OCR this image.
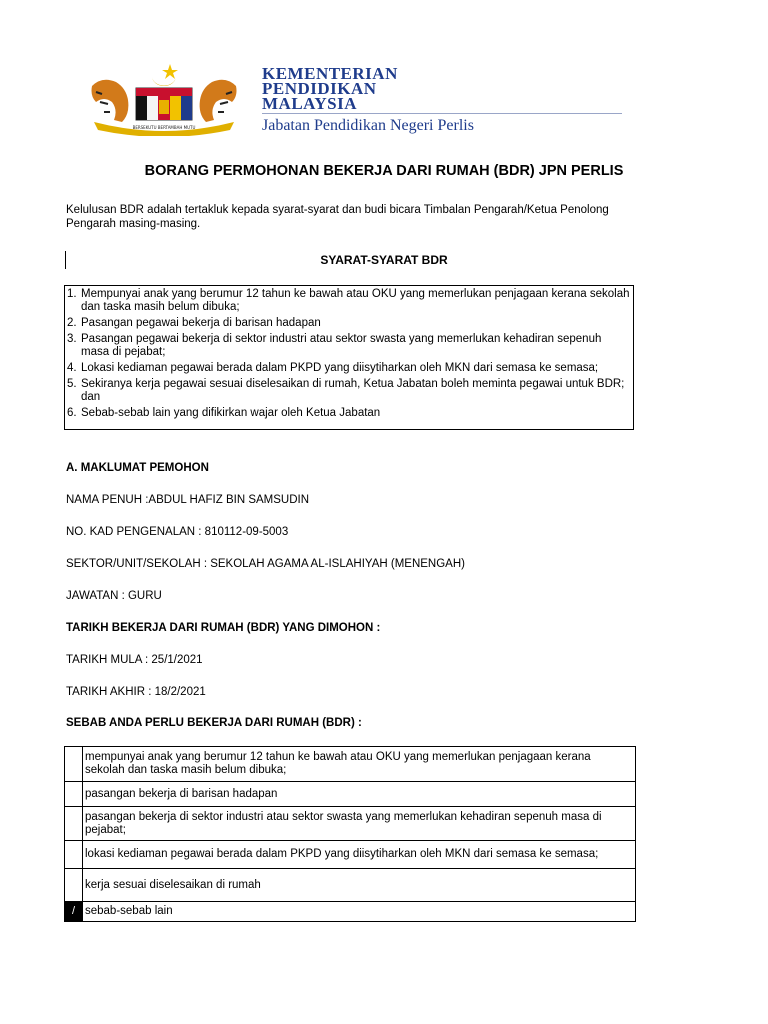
BERSEKUTU BERTAMBAH MUTU
KEMENTERIAN
PENDIDIKAN
MALAYSIA
Jabatan Pendidikan Negeri Perlis
BORANG PERMOHONAN BEKERJA DARI RUMAH (BDR) JPN PERLIS
Kelulusan BDR adalah tertakluk kepada syarat-syarat dan budi bicara Timbalan Pengarah/Ketua Penolong Pengarah masing-masing.
SYARAT-SYARAT BDR
1. Mempunyai anak yang berumur 12 tahun ke bawah atau OKU yang memerlukan penjagaan kerana sekolah dan taska masih belum dibuka;
2. Pasangan pegawai bekerja di barisan hadapan
3. Pasangan pegawai bekerja di sektor industri atau sektor swasta yang memerlukan kehadiran sepenuh masa di pejabat;
4. Lokasi kediaman pegawai berada dalam PKPD yang diisytiharkan oleh MKN dari semasa ke semasa;
5. Sekiranya kerja pegawai sesuai diselesaikan di rumah, Ketua Jabatan boleh meminta pegawai untuk BDR; dan
6. Sebab-sebab lain yang difikirkan wajar oleh Ketua Jabatan
A. MAKLUMAT PEMOHON
NAMA PENUH :ABDUL HAFIZ BIN SAMSUDIN
NO. KAD PENGENALAN : 810112-09-5003
SEKTOR/UNIT/SEKOLAH : SEKOLAH AGAMA AL-ISLAHIYAH (MENENGAH)
JAWATAN : GURU
TARIKH BEKERJA DARI RUMAH (BDR) YANG DIMOHON :
TARIKH MULA : 25/1/2021
TARIKH AKHIR : 18/2/2021
SEBAB ANDA PERLU BEKERJA DARI RUMAH (BDR) :
	mempunyai anak yang berumur 12 tahun ke bawah atau OKU yang memerlukan penjagaan kerana sekolah dan taska masih belum dibuka;
	pasangan bekerja di barisan hadapan
	pasangan bekerja di sektor industri atau sektor swasta yang memerlukan kehadiran sepenuh masa di pejabat;
	lokasi kediaman pegawai berada dalam PKPD yang diisytiharkan oleh MKN dari semasa ke semasa;
	kerja sesuai diselesaikan di rumah
/	sebab-sebab lain
